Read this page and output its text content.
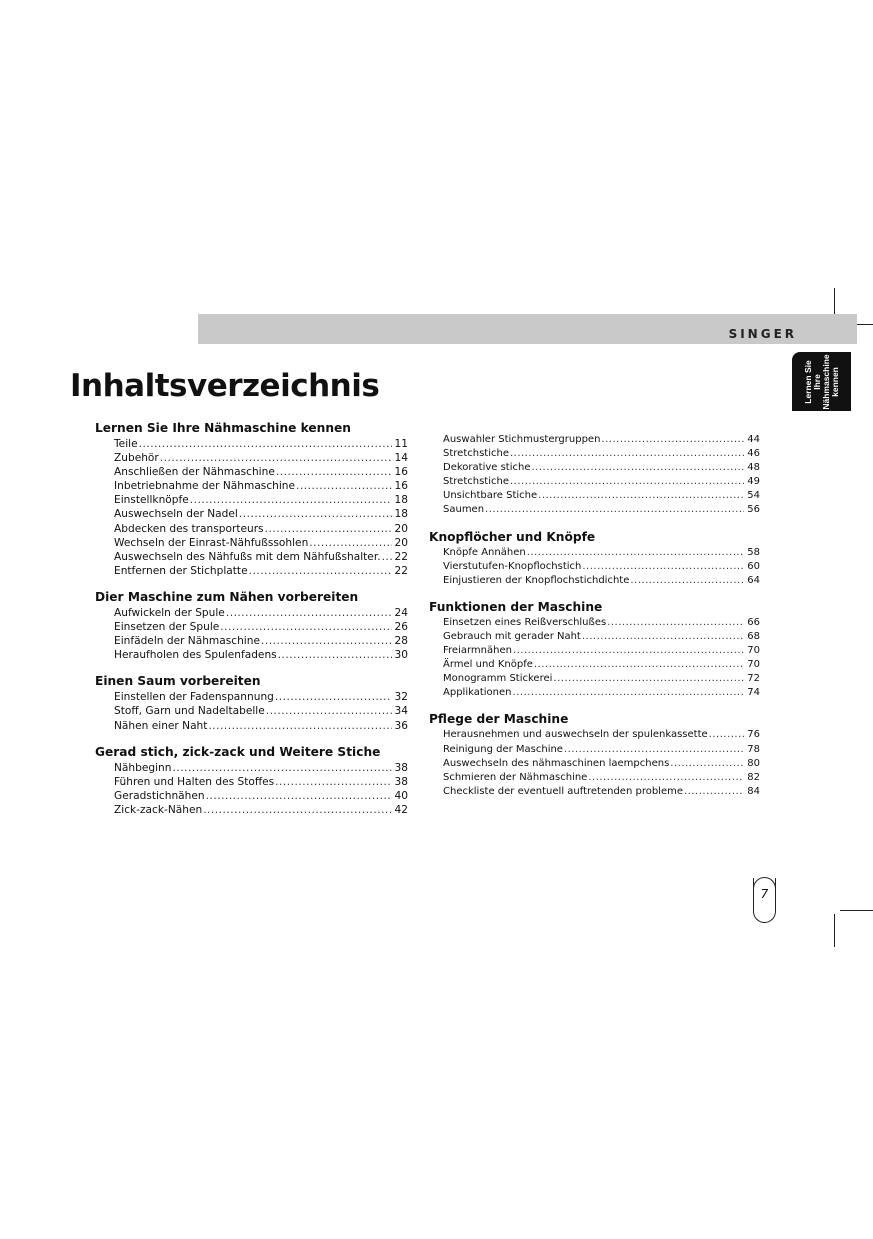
SINGER
Lernen Sie Ihre
Nähmaschine
kennen
Inhaltsverzeichnis
Lernen Sie Ihre Nähmaschine kennen
Teile .....	11
Zubehör .....	14
Anschließen der Nähmaschine .....	16
Inbetriebnahme der Nähmaschine .....	16
Einstellknöpfe .....	18
Auswechseln der Nadel .....	18
Abdecken des transporteurs .....	20
Wechseln der Einrast-Nähfußssohlen .....	20
Auswechseln des Nähfußs mit dem Nähfußshalter. ..... 22
Entfernen der Stichplatte .....	22
Dier Maschine zum Nähen vorbereiten
Aufwickeln der Spule .....	24
Einsetzen der Spule .....	26
Einfädeln der Nähmaschine .....	28
Heraufholen des Spulenfadens .....	30
Einen Saum vorbereiten
Einstellen der Fadenspannung .....	32
Stoff, Garn und Nadeltabelle .....	34
Nähen einer Naht .....	36
Gerad stich, zick-zack und Weitere Stiche
Nähbeginn .....	38
Führen und Halten des Stoffes .....	38
Geradstichnähen .....	40
Zick-zack-Nähen .....	42
Auswahler Stichmustergruppen .....	44
Stretchstiche .....	46
Dekorative stiche .....	48
Stretchstiche .....	49
Unsichtbare Stiche .....	54
Saumen .....	56
Knopflöcher und Knöpfe
Knöpfe Annähen .....	58
Vierstutufen-Knopflochstich .....	60
Einjustieren der Knopflochstichdichte .....	64
Funktionen der Maschine
Einsetzen eines Reißverschlußes .....	66
Gebrauch mit gerader Naht .....	68
Freiarmnähen .....	70
Ärmel und Knöpfe .....	70
Monogramm Stickerei .....	72
Applikationen .....	74
Pflege der Maschine
Herausnehmen und auswechseln der spulenkassette .....	76
Reinigung der Maschine .....	78
Auswechseln des nähmaschinen laempchens .....	80
Schmieren der Nähmaschine .....	82
Checkliste der eventuell auftretenden probleme .....	84
7
